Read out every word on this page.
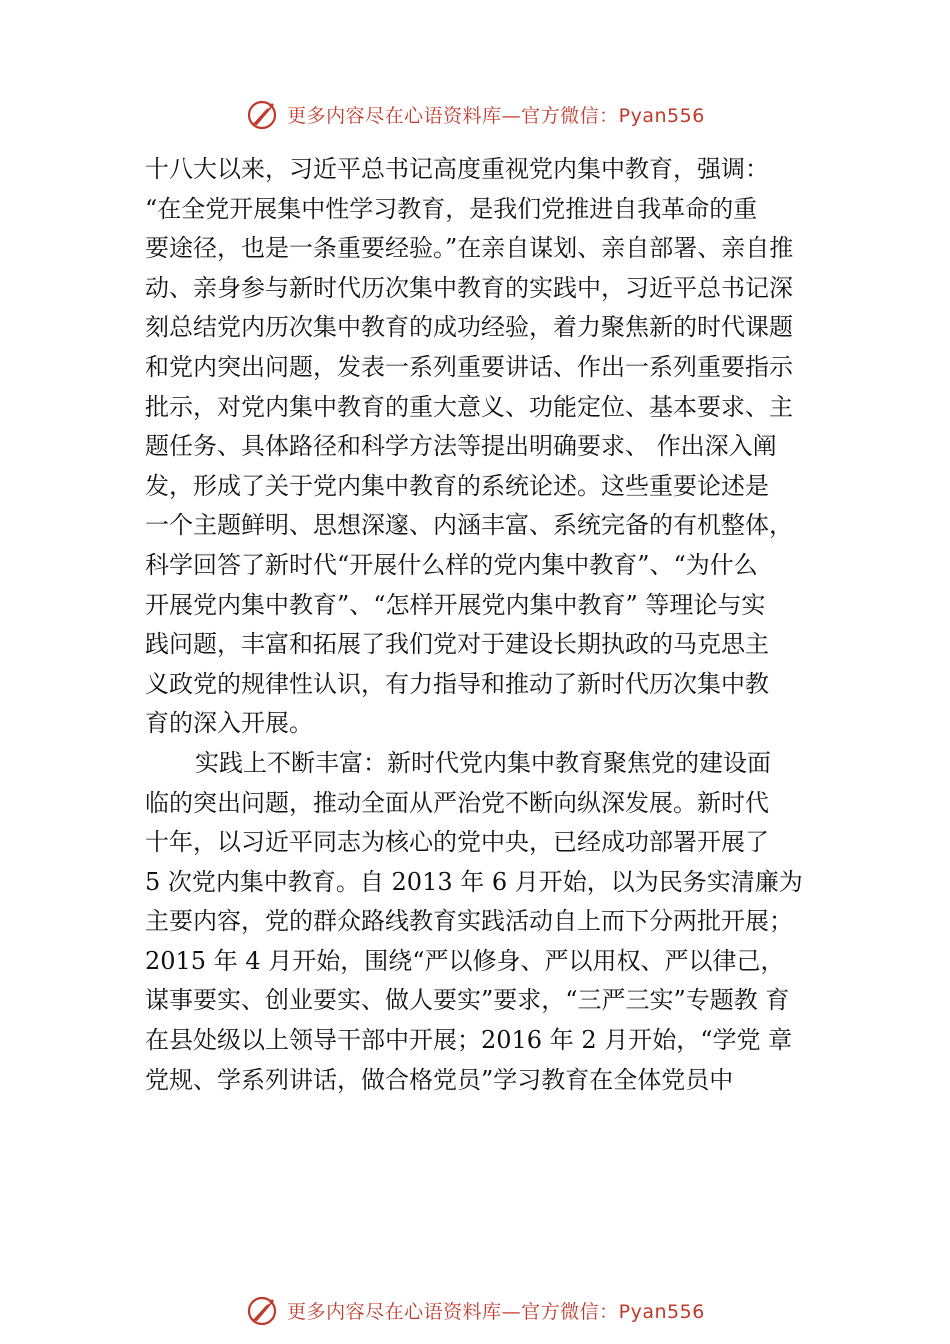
更多内容尽在心语资料库—官方微信：Pyan556
十八大以来，习近平总书记高度重视党内集中教育，强调：
“在全党开展集中性学习教育，是我们党推进自我革命的重
要途径，也是一条重要经验。”在亲自谋划、亲自部署、亲自推
动、亲身参与新时代历次集中教育的实践中，习近平总书记深
刻总结党内历次集中教育的成功经验，着力聚焦新的时代课题
和党内突出问题，发表一系列重要讲话、作出一系列重要指示
批示，对党内集中教育的重大意义、功能定位、基本要求、主
题任务、具体路径和科学方法等提出明确要求、 作出深入阐
发，形成了关于党内集中教育的系统论述。这些重要论述是
一个主题鲜明、思想深邃、内涵丰富、系统完备的有机整体，
科学回答了新时代“开展什么样的党内集中教育”、“为什么
开展党内集中教育”、“怎样开展党内集中教育” 等理论与实
践问题，丰富和拓展了我们党对于建设长期执政的马克思主
义政党的规律性认识，有力指导和推动了新时代历次集中教
育的深入开展。
实践上不断丰富：新时代党内集中教育聚焦党的建设面
临的突出问题，推动全面从严治党不断向纵深发展。新时代
十年，以习近平同志为核心的党中央，已经成功部署开展了
5 次党内集中教育。自 2013 年 6 月开始，以为民务实清廉为
主要内容，党的群众路线教育实践活动自上而下分两批开展；
2015 年 4 月开始，围绕“严以修身、严以用权、严以律己，
谋事要实、创业要实、做人要实”要求，“三严三实”专题教 育
在县处级以上领导干部中开展；2016 年 2 月开始，“学党 章
党规、学系列讲话，做合格党员”学习教育在全体党员中
更多内容尽在心语资料库—官方微信：Pyan556
